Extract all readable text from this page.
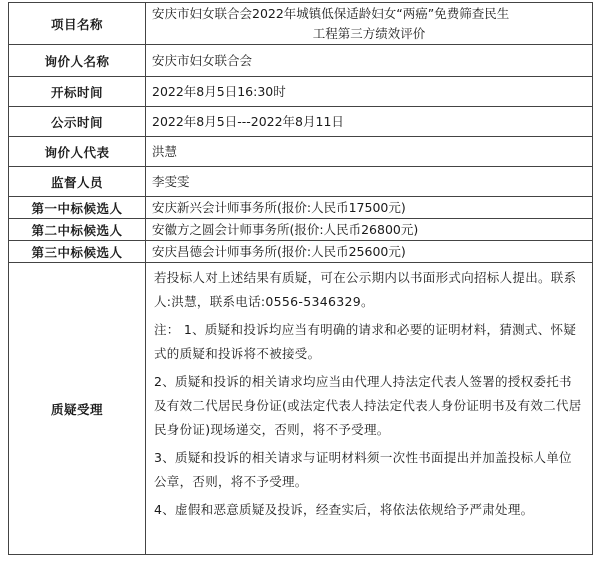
项目名称	安庆市妇女联合会2022年城镇低保适龄妇女“两癌”免费筛查民生
工程第三方绩效评价

询价人名称	安庆市妇女联合会
开标时间	2022年8月5日16:30时
公示时间	2022年8月5日---2022年8月11日
询价人代表	洪慧
监督人员	李雯雯
第一中标候选人	安庆新兴会计师事务所(报价:人民币17500元)
第二中标候选人	安徽方之圆会计师事务所(报价:人民币26800元)
第三中标候选人	安庆昌德会计师事务所(报价:人民币25600元)
质疑受理	若投标人对上述结果有质疑，可在公示期内以书面形式向招标人提出。联系人:洪慧，联系电话:0556-5346329。
注： 1、质疑和投诉均应当有明确的请求和必要的证明材料，猜测式、怀疑式的质疑和投诉将不被接受。
2、质疑和投诉的相关请求均应当由代理人持法定代表人签署的授权委托书及有效二代居民身份证(或法定代表人持法定代表人身份证明书及有效二代居民身份证)现场递交，否则，将不予受理。
3、质疑和投诉的相关请求与证明材料须一次性书面提出并加盖投标人单位公章，否则，将不予受理。
4、虚假和恶意质疑及投诉，经查实后，将依法依规给予严肃处理。
